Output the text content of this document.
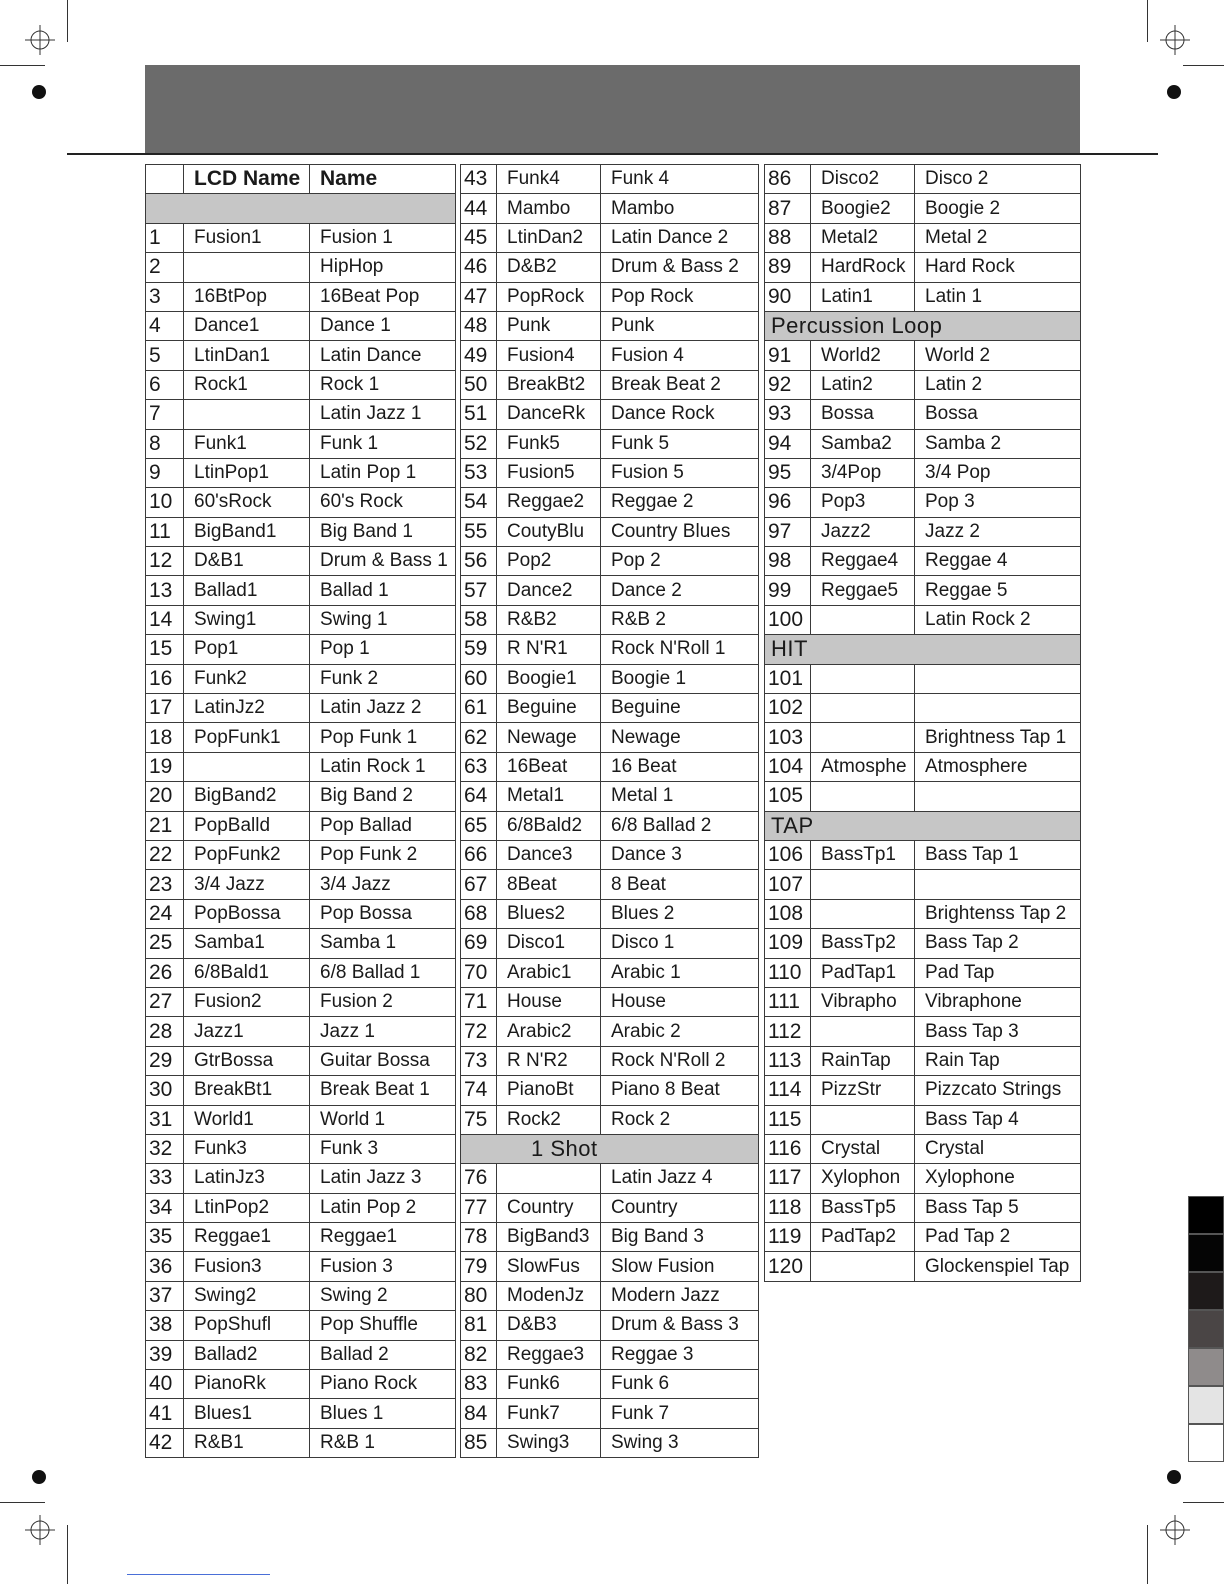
	LCD Name	Name

1	Fusion1	Fusion 1
2		HipHop
3	16BtPop	16Beat Pop
4	Dance1	Dance 1
5	LtinDan1	Latin Dance
6	Rock1	Rock 1
7		Latin Jazz 1
8	Funk1	Funk 1
9	LtinPop1	Latin Pop 1
10	60'sRock	60's Rock
11	BigBand1	Big Band 1
12	D&B1	Drum & Bass 1
13	Ballad1	Ballad 1
14	Swing1	Swing 1
15	Pop1	Pop 1
16	Funk2	Funk 2
17	LatinJz2	Latin Jazz 2
18	PopFunk1	Pop Funk 1
19		Latin Rock 1
20	BigBand2	Big Band 2
21	PopBalld	Pop Ballad
22	PopFunk2	Pop Funk 2
23	3/4 Jazz	3/4 Jazz
24	PopBossa	Pop Bossa
25	Samba1	Samba 1
26	6/8Bald1	6/8 Ballad 1
27	Fusion2	Fusion 2
28	Jazz1	Jazz 1
29	GtrBossa	Guitar Bossa
30	BreakBt1	Break Beat 1
31	World1	World 1
32	Funk3	Funk 3
33	LatinJz3	Latin Jazz 3
34	LtinPop2	Latin Pop 2
35	Reggae1	Reggae1
36	Fusion3	Fusion 3
37	Swing2	Swing 2
38	PopShufl	Pop Shuffle
39	Ballad2	Ballad 2
40	PianoRk	Piano Rock
41	Blues1	Blues 1
42	R&B1	R&B 1
43	Funk4	Funk 4
44	Mambo	Mambo
45	LtinDan2	Latin Dance 2
46	D&B2	Drum & Bass 2
47	PopRock	Pop Rock
48	Punk	Punk
49	Fusion4	Fusion 4
50	BreakBt2	Break Beat 2
51	DanceRk	Dance Rock
52	Funk5	Funk 5
53	Fusion5	Fusion 5
54	Reggae2	Reggae 2
55	CoutyBlu	Country Blues
56	Pop2	Pop 2
57	Dance2	Dance 2
58	R&B2	R&B 2
59	R N'R1	Rock N'Roll 1
60	Boogie1	Boogie 1
61	Beguine	Beguine
62	Newage	Newage
63	16Beat	16 Beat
64	Metal1	Metal 1
65	6/8Bald2	6/8 Ballad 2
66	Dance3	Dance 3
67	8Beat	8 Beat
68	Blues2	Blues 2
69	Disco1	Disco 1
70	Arabic1	Arabic 1
71	House	House
72	Arabic2	Arabic 2
73	R N'R2	Rock N'Roll 2
74	PianoBt	Piano 8 Beat
75	Rock2	Rock 2
1 Shot		
76		Latin Jazz 4
77	Country	Country
78	BigBand3	Big Band 3
79	SlowFus	Slow Fusion
80	ModenJz	Modern Jazz
81	D&B3	Drum & Bass 3
82	Reggae3	Reggae 3
83	Funk6	Funk 6
84	Funk7	Funk 7
85	Swing3	Swing 3
86	Disco2	Disco 2
87	Boogie2	Boogie 2
88	Metal2	Metal 2
89	HardRock	Hard Rock
90	Latin1	Latin 1
Percussion Loop		
91	World2	World 2
92	Latin2	Latin 2
93	Bossa	Bossa
94	Samba2	Samba 2
95	3/4Pop	3/4 Pop
96	Pop3	Pop 3
97	Jazz2	Jazz 2
98	Reggae4	Reggae 4
99	Reggae5	Reggae 5
100		Latin Rock 2
HIT		
101		
102		
103		Brightness Tap 1
104	Atmosphe	Atmosphere
105		
TAP		
106	BassTp1	Bass Tap 1
107		
108		Brightenss Tap 2
109	BassTp2	Bass Tap 2
110	PadTap1	Pad Tap
111	Vibrapho	Vibraphone
112		Bass Tap 3
113	RainTap	Rain Tap
114	PizzStr	Pizzcato Strings
115		Bass Tap 4
116	Crystal	Crystal
117	Xylophon	Xylophone
118	BassTp5	Bass Tap 5
119	PadTap2	Pad Tap 2
120		Glockenspiel Tap
